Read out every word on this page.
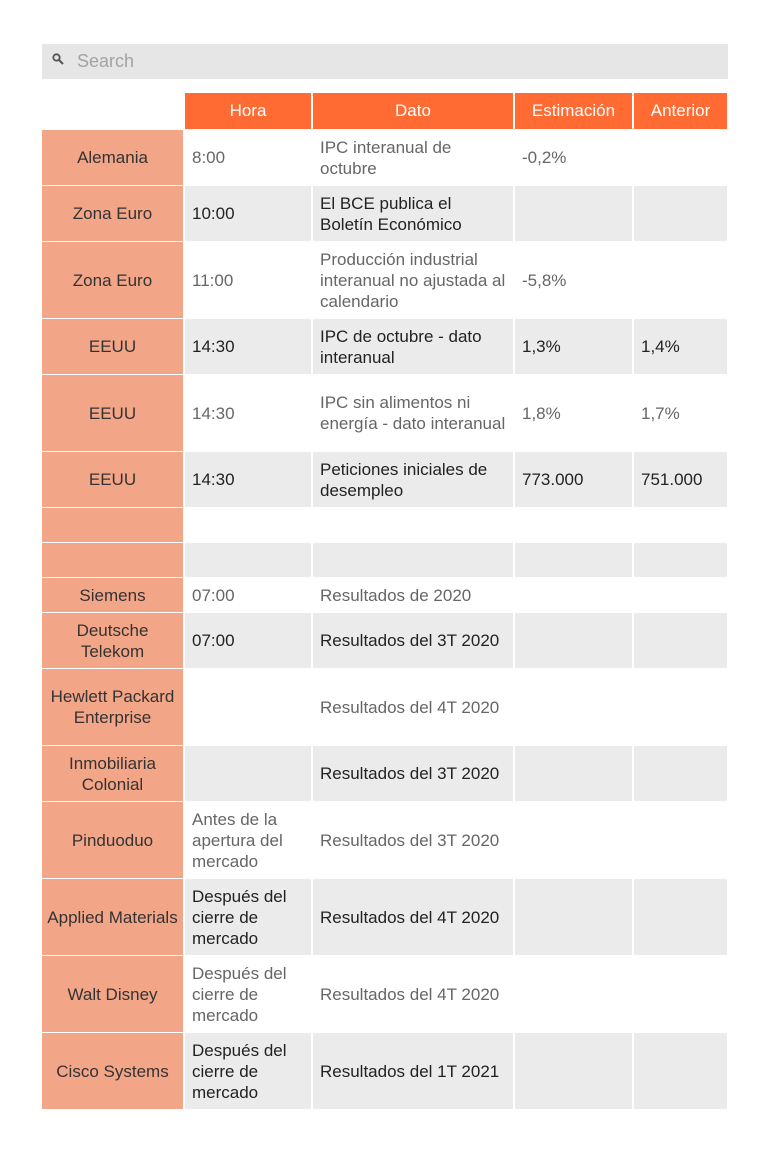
Search
	Hora	Dato	Estimación	Anterior
Alemania	8:00	IPC interanual de octubre	-0,2%	
Zona Euro	10:00	El BCE publica el Boletín Económico		
Zona Euro	11:00	Producción industrial interanual no ajustada al calendario	-5,8%	
EEUU	14:30	IPC de octubre - dato interanual	1,3%	1,4%
EEUU	14:30	IPC sin alimentos ni energía - dato interanual	1,8%	1,7%
EEUU	14:30	Peticiones iniciales de desempleo	773.000	751.000

Siemens	07:00	Resultados de 2020		
Deutsche Telekom	07:00	Resultados del 3T 2020		
Hewlett Packard Enterprise		Resultados del 4T 2020		
Inmobiliaria Colonial		Resultados del 3T 2020		
Pinduoduo	Antes de la apertura del mercado	Resultados del 3T 2020		
Applied Materials	Después del cierre de mercado	Resultados del 4T 2020		
Walt Disney	Después del cierre de mercado	Resultados del 4T 2020		
Cisco Systems	Después del cierre de mercado	Resultados del 1T 2021		
